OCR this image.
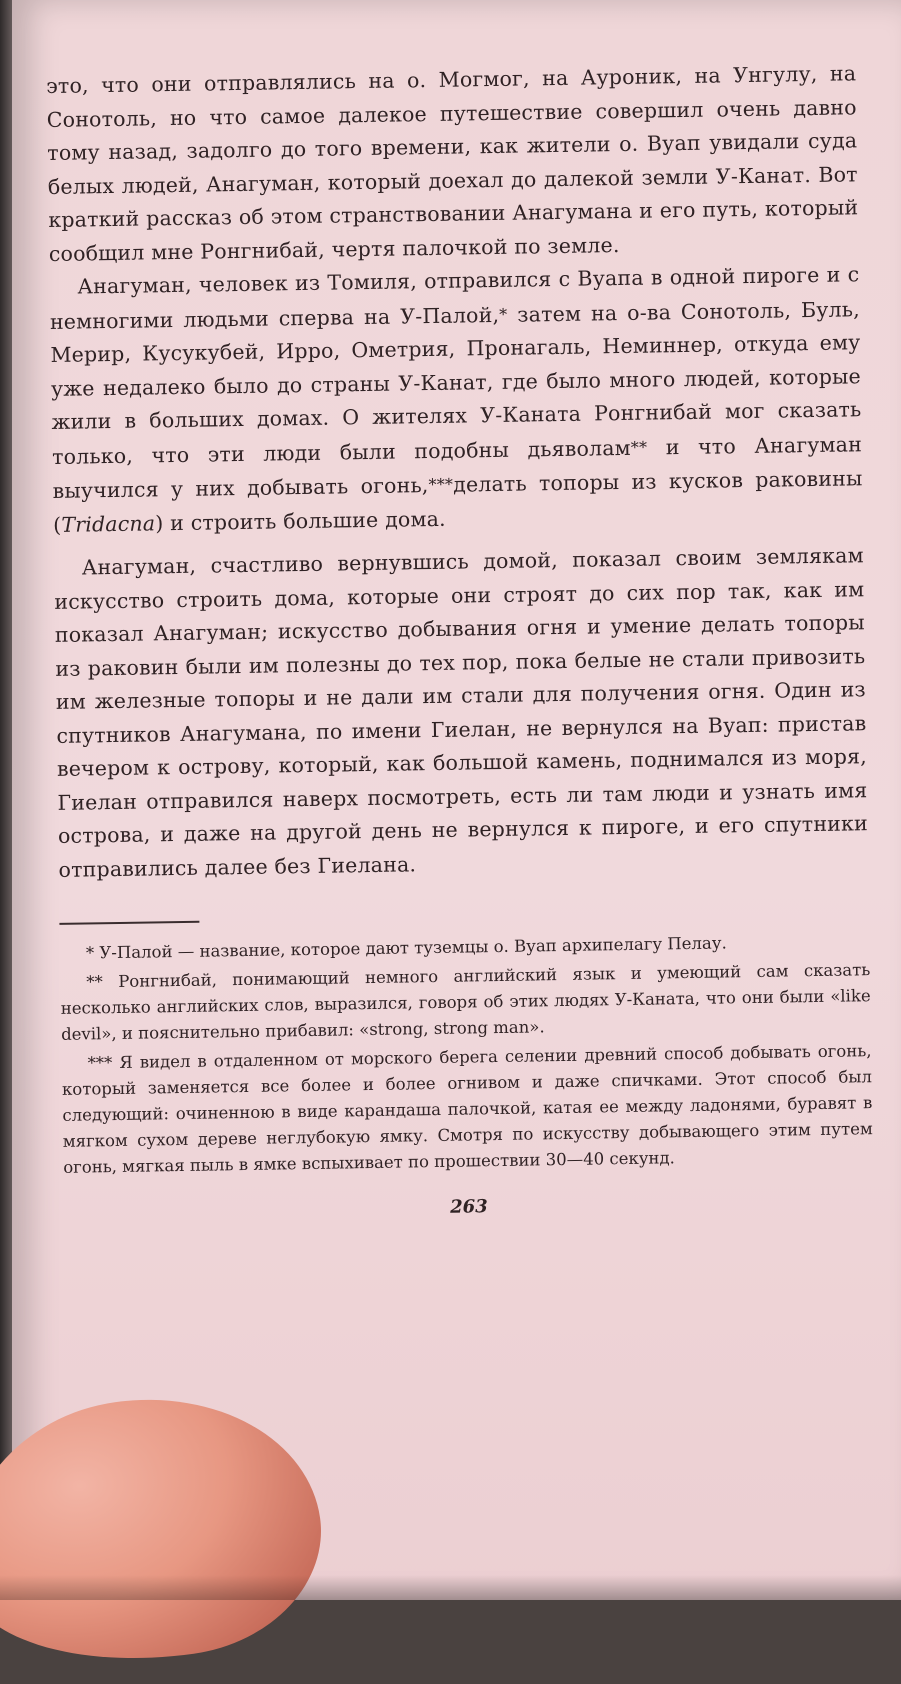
это, что они отправлялись на о. Могмог, на Ауроник, на Унгулу, на Сонотоль, но что самое далекое путешествие совершил очень давно тому назад, задолго до того времени, как жители о. Вуап увидали суда белых людей, Анагуман, который доехал до далекой земли У-Канат. Вот краткий рассказ об этом странствовании Анагумана и его путь, который сообщил мне Ронгнибай, чертя палочкой по земле.

Анагуман, человек из Томиля, отправился с Вуапа в одной пироге и с немногими людьми сперва на У-Палой,* затем на о-ва Сонотоль, Буль, Мерир, Кусукубей, Ирро, Ометрия, Пронагаль, Неминнер, откуда ему уже недалеко было до страны У-Канат, где было много людей, которые жили в больших домах. О жителях У-Каната Ронгнибай мог сказать только, что эти люди были подобны дьяволам** и что Анагуман выучился у них добывать огонь,***делать топоры из кусков раковины (Tridacna) и строить большие дома.

Анагуман, счастливо вернувшись домой, показал своим землякам искусство строить дома, которые они строят до сих пор так, как им показал Анагуман; искусство добывания огня и умение делать топоры из раковин были им полезны до тех пор, пока белые не стали привозить им железные топоры и не дали им стали для получения огня. Один из спутников Анагумана, по имени Гиелан, не вернулся на Вуап: пристав вечером к острову, который, как большой камень, поднимался из моря, Гиелан отправился наверх посмотреть, есть ли там люди и узнать имя острова, и даже на другой день не вернулся к пироге, и его спутники отправились далее без Гиелана.

* У-Палой — название, которое дают туземцы о. Вуап архипелагу Пелау.

** Ронгнибай, понимающий немного английский язык и умеющий сам сказать несколько английских слов, выразился, говоря об этих людях У-Каната, что они были «like devil», и пояснительно прибавил: «strong, strong man».

*** Я видел в отдаленном от морского берега селении древний способ добывать огонь, который заменяется все более и более огнивом и даже спичками. Этот способ был следующий: очиненною в виде карандаша палочкой, катая ее между ладонями, буравят в мягком сухом дереве неглубокую ямку. Смотря по искусству добывающего этим путем огонь, мягкая пыль в ямке вспыхивает по прошествии 30—40 секунд.

263
